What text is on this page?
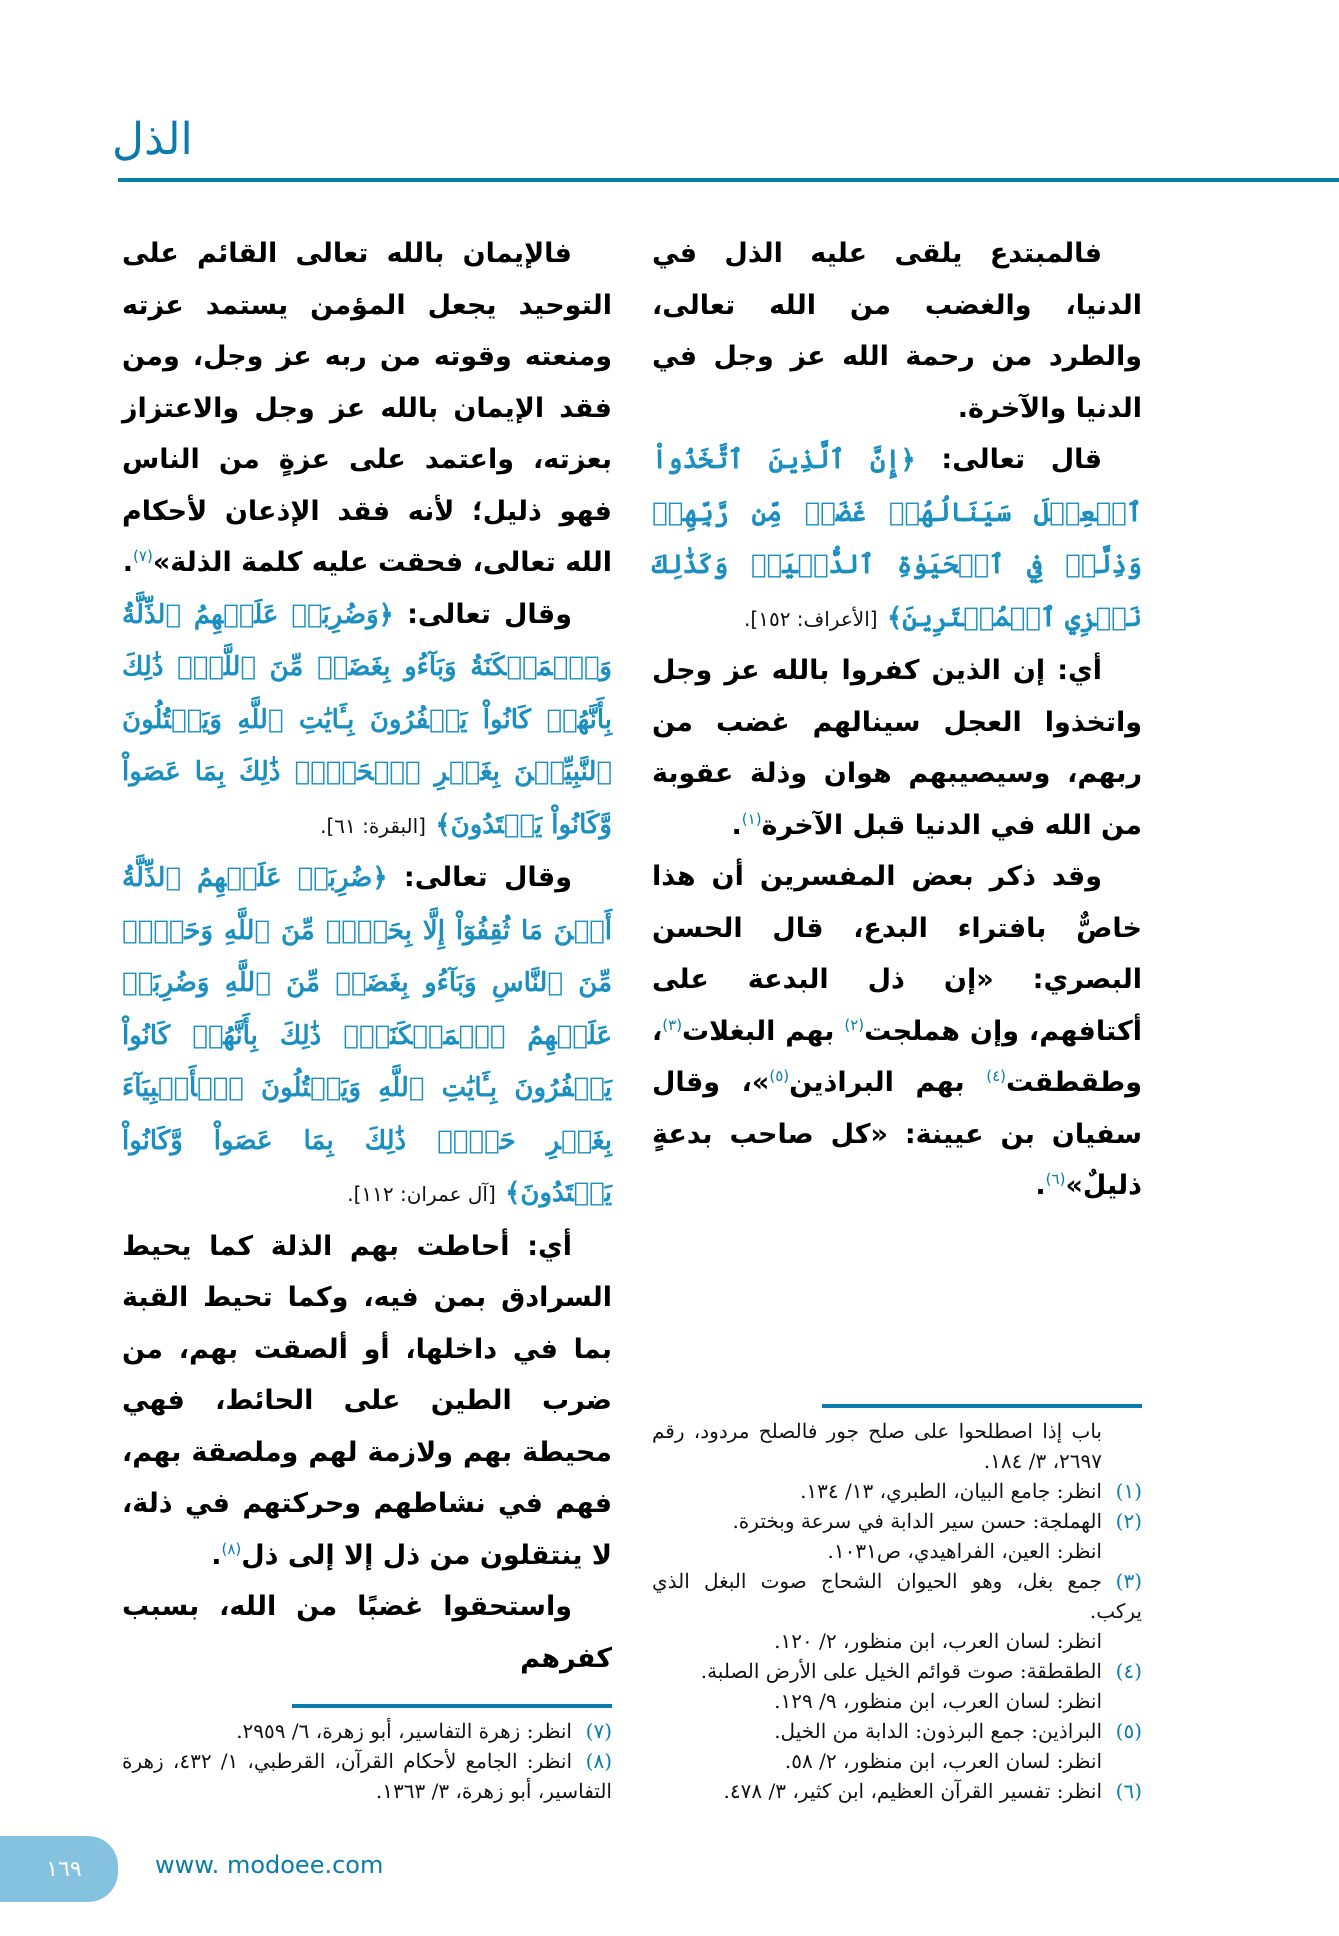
الذل

فالمبتدع يلقى عليه الذل في الدنيا، والغضب من الله تعالى، والطرد من رحمة الله عز وجل في الدنيا والآخرة.

قال تعالى: ﴿إِنَّ ٱلَّذِينَ ٱتَّخَذُواْ ٱلۡعِجۡلَ سَيَنَالُهُمۡ غَضَبٞ مِّن رَّبِّهِمۡ وَذِلَّةٞ فِي ٱلۡحَيَوٰةِ ٱلدُّنۡيَاۚ وَكَذَٰلِكَ نَجۡزِي ٱلۡمُفۡتَرِينَ﴾ [الأعراف: ١٥٢].

أي: إن الذين كفروا بالله عز وجل واتخذوا العجل سينالهم غضب من ربهم، وسيصيبهم هوان وذلة عقوبة من الله في الدنيا قبل الآخرة$^{(١)}$.

وقد ذكر بعض المفسرين أن هذا خاصٌّ بافتراء البدع، قال الحسن البصري: «إن ذل البدعة على أكتافهم، وإن هملجت$^{(٢)}$ بهم البغلات$^{(٣)}$، وطقطقت$^{(٤)}$ بهم البراذين$^{(٥)}$»، وقال سفيان بن عيينة: «كل صاحب بدعةٍ ذليلٌ»$^{(٦)}$.

باب إذا اصطلحوا على صلح جور فالصلح مردود، رقم ٢٦٩٧، ٣/ ١٨٤.

(١)انظر: جامع البيان، الطبري، ١٣/ ١٣٤.

(٢)الهملجة: حسن سير الدابة في سرعة وبخترة.

انظر: العين، الفراهيدي، ص١٠٣١.

(٣)جمع بغل، وهو الحيوان الشحاج صوت البغل الذي يركب.

انظر: لسان العرب، ابن منظور، ٢/ ١٢٠.

(٤)الطقطقة: صوت قوائم الخيل على الأرض الصلبة.

انظر: لسان العرب، ابن منظور، ٩/ ١٢٩.

(٥)البراذين: جمع البرذون: الدابة من الخيل.

انظر: لسان العرب، ابن منظور، ٢/ ٥٨.

(٦)انظر: تفسير القرآن العظيم، ابن كثير، ٣/ ٤٧٨.

فالإيمان بالله تعالى القائم على التوحيد يجعل المؤمن يستمد عزته ومنعته وقوته من ربه عز وجل، ومن فقد الإيمان بالله عز وجل والاعتزاز بعزته، واعتمد على عزةٍ من الناس فهو ذليل؛ لأنه فقد الإذعان لأحكام الله تعالى، فحقت عليه كلمة الذلة»$^{(٧)}$.

وقال تعالى: ﴿وَضُرِبَتۡ عَلَيۡهِمُ ٱلذِّلَّةُ وَٱلۡمَسۡكَنَةُ وَبَآءُو بِغَضَبٖ مِّنَ ٱللَّهِۗ ذَٰلِكَ بِأَنَّهُمۡ كَانُواْ يَكۡفُرُونَ بِـَٔايَٰتِ ٱللَّهِ وَيَقۡتُلُونَ ٱلنَّبِيِّـۧنَ بِغَيۡرِ ٱلۡحَقِّۗ ذَٰلِكَ بِمَا عَصَواْ وَّكَانُواْ يَعۡتَدُونَ﴾ [البقرة: ٦١].

وقال تعالى: ﴿ضُرِبَتۡ عَلَيۡهِمُ ٱلذِّلَّةُ أَيۡنَ مَا ثُقِفُوٓاْ إِلَّا بِحَبۡلٖ مِّنَ ٱللَّهِ وَحَبۡلٖ مِّنَ ٱلنَّاسِ وَبَآءُو بِغَضَبٖ مِّنَ ٱللَّهِ وَضُرِبَتۡ عَلَيۡهِمُ ٱلۡمَسۡكَنَةُۚ ذَٰلِكَ بِأَنَّهُمۡ كَانُواْ يَكۡفُرُونَ بِـَٔايَٰتِ ٱللَّهِ وَيَقۡتُلُونَ ٱلۡأَنۢبِيَآءَ بِغَيۡرِ حَقّٖۚ ذَٰلِكَ بِمَا عَصَواْ وَّكَانُواْ يَعۡتَدُونَ﴾ [آل عمران: ١١٢].

أي: أحاطت بهم الذلة كما يحيط السرادق بمن فيه، وكما تحيط القبة بما في داخلها، أو ألصقت بهم، من ضرب الطين على الحائط، فهي محيطة بهم ولازمة لهم وملصقة بهم، فهم في نشاطهم وحركتهم في ذلة، لا ينتقلون من ذل إلا إلى ذل$^{(٨)}$.

واستحقوا غضبًا من الله، بسبب كفرهم

(٧)انظر: زهرة التفاسير، أبو زهرة، ٦/ ٢٩٥٩.

(٨)انظر: الجامع لأحكام القرآن، القرطبي، ١/ ٤٣٢، زهرة التفاسير، أبو زهرة، ٣/ ١٣٦٣.

١٦٩	www. modoee.com
